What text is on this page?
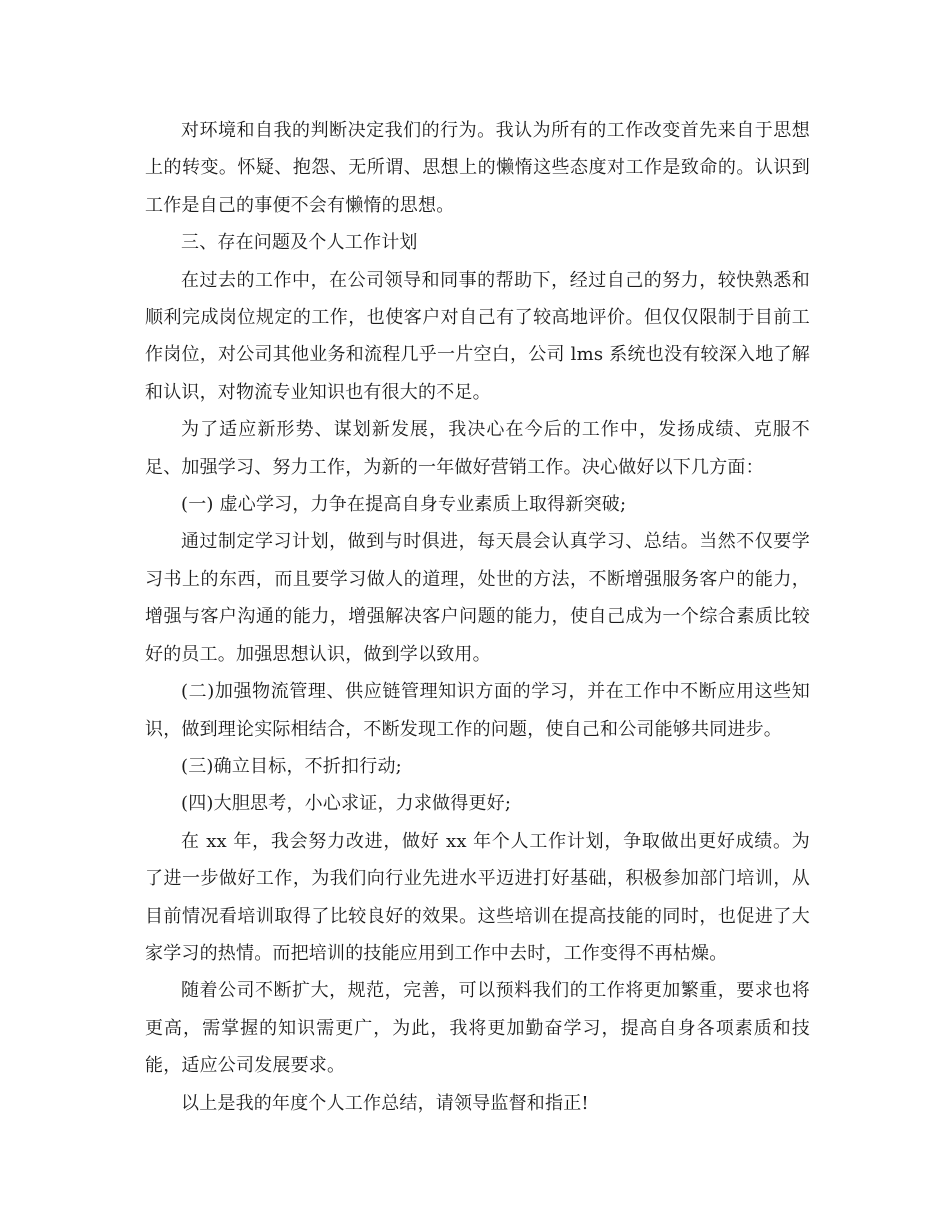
对环境和自我的判断决定我们的行为。我认为所有的工作改变首先来自于思想上的转变。怀疑、抱怨、无所谓、思想上的懒惰这些态度对工作是致命的。认识到工作是自己的事便不会有懒惰的思想。

三、存在问题及个人工作计划

在过去的工作中，在公司领导和同事的帮助下，经过自己的努力，较快熟悉和顺利完成岗位规定的工作，也使客户对自己有了较高地评价。但仅仅限制于目前工作岗位，对公司其他业务和流程几乎一片空白，公司 lms 系统也没有较深入地了解和认识，对物流专业知识也有很大的不足。

为了适应新形势、谋划新发展，我决心在今后的工作中，发扬成绩、克服不足、加强学习、努力工作，为新的一年做好营销工作。决心做好以下几方面：

(一) 虚心学习，力争在提高自身专业素质上取得新突破;

通过制定学习计划，做到与时俱进，每天晨会认真学习、总结。当然不仅要学习书上的东西，而且要学习做人的道理，处世的方法，不断增强服务客户的能力，增强与客户沟通的能力，增强解决客户问题的能力，使自己成为一个综合素质比较好的员工。加强思想认识，做到学以致用。

(二)加强物流管理、供应链管理知识方面的学习，并在工作中不断应用这些知识，做到理论实际相结合，不断发现工作的问题，使自己和公司能够共同进步。

(三)确立目标，不折扣行动;

(四)大胆思考，小心求证，力求做得更好;

在 xx 年，我会努力改进，做好 xx 年个人工作计划，争取做出更好成绩。为了进一步做好工作，为我们向行业先进水平迈进打好基础，积极参加部门培训，从目前情况看培训取得了比较良好的效果。这些培训在提高技能的同时，也促进了大家学习的热情。而把培训的技能应用到工作中去时，工作变得不再枯燥。

随着公司不断扩大，规范，完善，可以预料我们的工作将更加繁重，要求也将更高，需掌握的知识需更广，为此，我将更加勤奋学习，提高自身各项素质和技能，适应公司发展要求。

以上是我的年度个人工作总结，请领导监督和指正!
